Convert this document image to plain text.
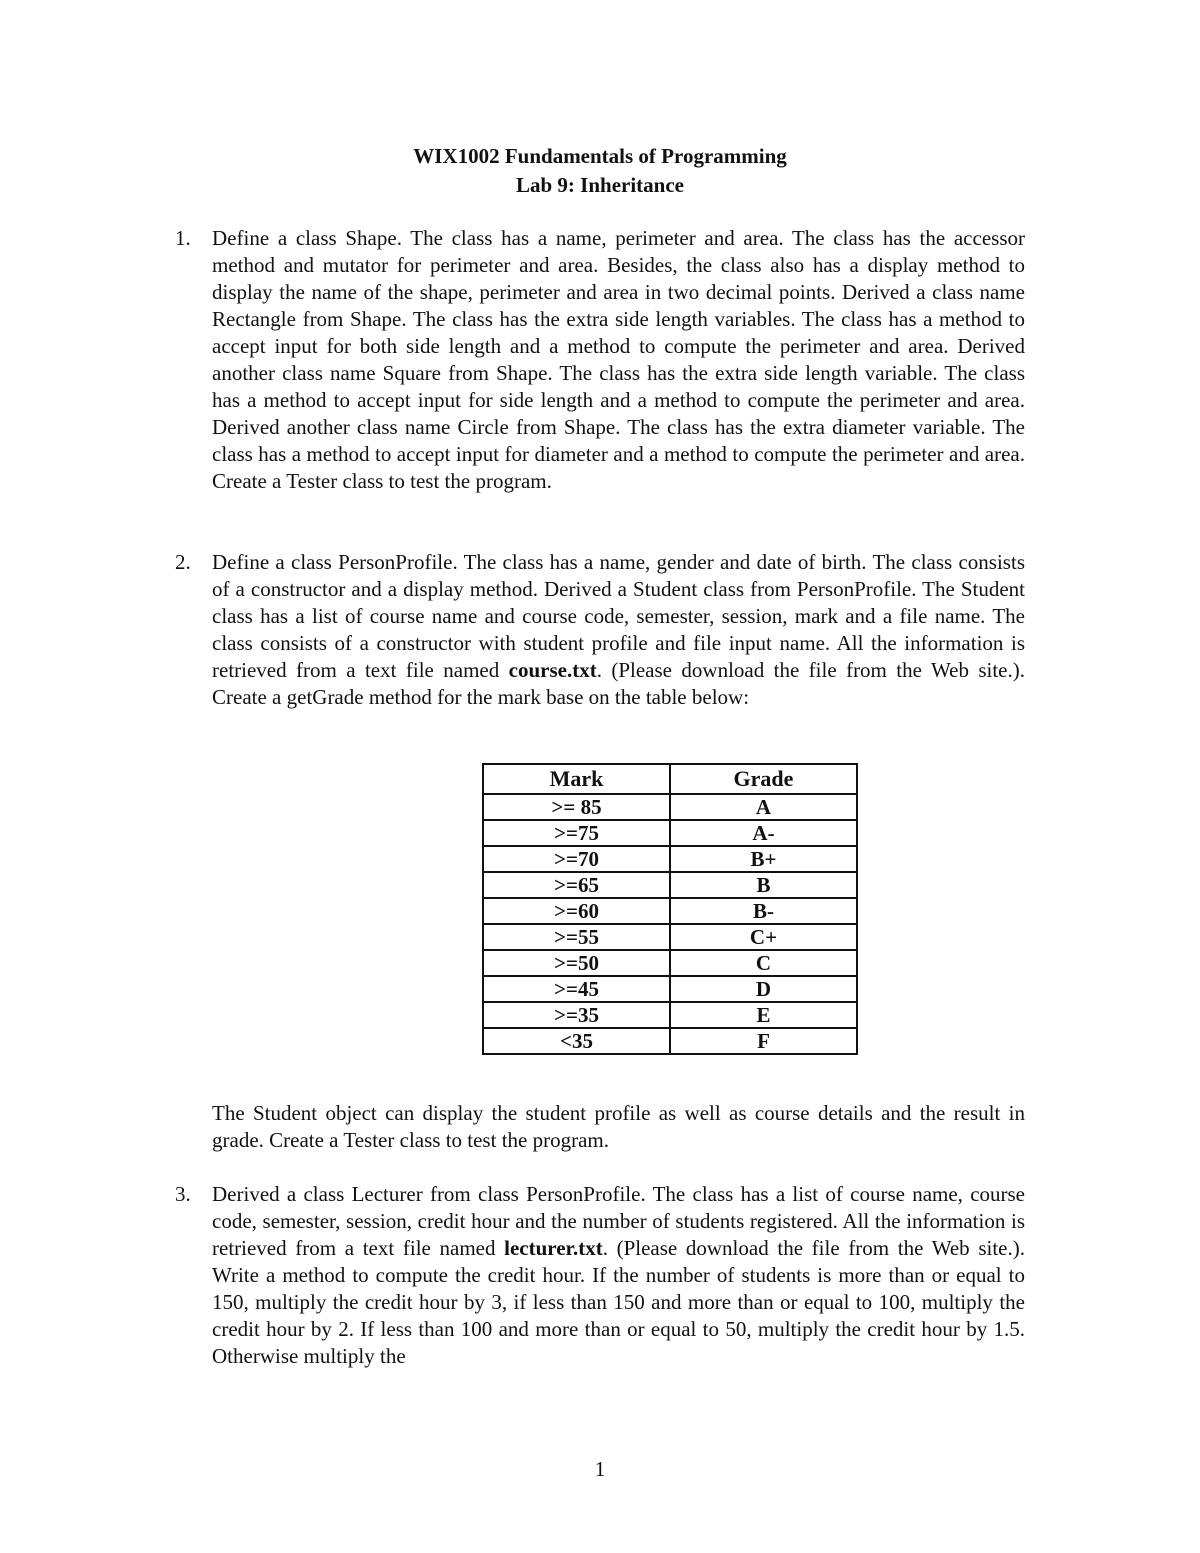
WIX1002 Fundamentals of Programming
Lab 9: Inheritance
1. Define a class Shape. The class has a name, perimeter and area. The class has the accessor method and mutator for perimeter and area. Besides, the class also has a display method to display the name of the shape, perimeter and area in two decimal points. Derived a class name Rectangle from Shape. The class has the extra side length variables. The class has a method to accept input for both side length and a method to compute the perimeter and area. Derived another class name Square from Shape. The class has the extra side length variable. The class has a method to accept input for side length and a method to compute the perimeter and area. Derived another class name Circle from Shape. The class has the extra diameter variable. The class has a method to accept input for diameter and a method to compute the perimeter and area. Create a Tester class to test the program.
2. Define a class PersonProfile. The class has a name, gender and date of birth. The class consists of a constructor and a display method. Derived a Student class from PersonProfile. The Student class has a list of course name and course code, semester, session, mark and a file name. The class consists of a constructor with student profile and file input name. All the information is retrieved from a text file named course.txt. (Please download the file from the Web site.). Create a getGrade method for the mark base on the table below:
Mark	Grade
>= 85	A
>=75	A-
>=70	B+
>=65	B
>=60	B-
>=55	C+
>=50	C
>=45	D
>=35	E
<35	F
The Student object can display the student profile as well as course details and the result in grade. Create a Tester class to test the program.
3. Derived a class Lecturer from class PersonProfile. The class has a list of course name, course code, semester, session, credit hour and the number of students registered. All the information is retrieved from a text file named lecturer.txt. (Please download the file from the Web site.). Write a method to compute the credit hour. If the number of students is more than or equal to 150, multiply the credit hour by 3, if less than 150 and more than or equal to 100, multiply the credit hour by 2. If less than 100 and more than or equal to 50, multiply the credit hour by 1.5. Otherwise multiply the
1
